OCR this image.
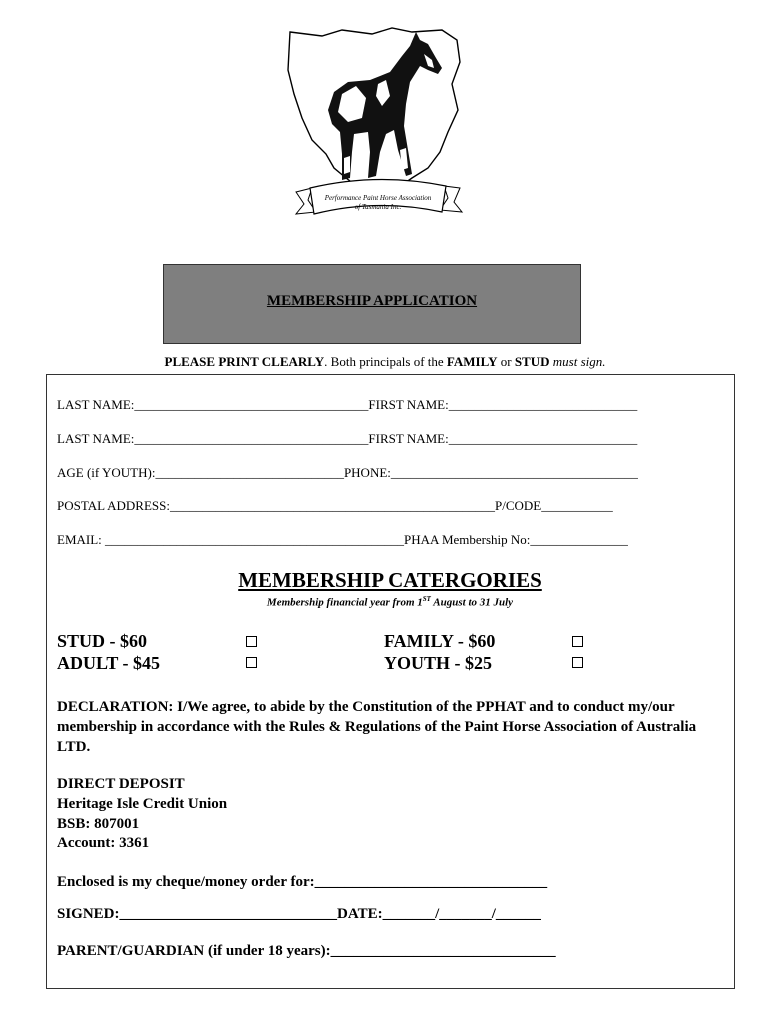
Performance Paint Horse Association
of Tasmania Inc.
MEMBERSHIP APPLICATION
PLEASE PRINT CLEARLY. Both principals of the FAMILY or STUD must sign.
LAST NAME:____________________________________FIRST NAME:_____________________________
LAST NAME:____________________________________FIRST NAME:_____________________________
AGE (if YOUTH):_____________________________PHONE:______________________________________
POSTAL ADDRESS:__________________________________________________P/CODE___________
EMAIL: ______________________________________________PHAA Membership No:_______________
MEMBERSHIP CATERGORIES
Membership financial year from 1ST August to 31 July
STUD - $60	FAMILY - $60
ADULT - $45	YOUTH - $25
DECLARATION: I/We agree, to abide by the Constitution of the PPHAT and to conduct my/our membership in accordance with the Rules & Regulations of the Paint Horse Association of Australia LTD.
DIRECT DEPOSIT
Heritage Isle Credit Union
BSB: 807001
Account: 3361
Enclosed is my cheque/money order for:_______________________________
SIGNED:_____________________________DATE:_______/_______/______
PARENT/GUARDIAN (if under 18 years):______________________________
